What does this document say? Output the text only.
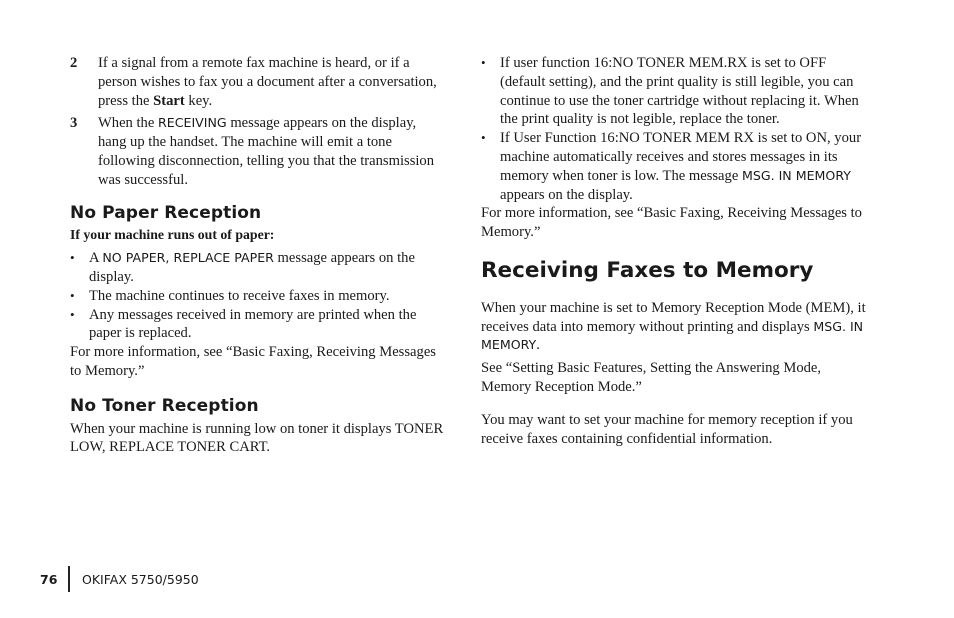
2	If a signal from a remote fax machine is heard, or if a person wishes to fax you a document after a conversation, press the Start key.
3	When the RECEIVING message appears on the display, hang up the handset. The machine will emit a tone following disconnection, telling you that the transmission was successful.
No Paper Reception

If your machine runs out of paper:

• A NO PAPER, REPLACE PAPER message appears on the display.
• The machine continues to receive faxes in memory.
• Any messages received in memory are printed when the paper is replaced.

For more information, see “Basic Faxing, Receiving Messages to Memory.”

No Toner Reception

When your machine is running low on toner it displays TONER LOW, REPLACE TONER CART.

• If user function 16:NO TONER MEM.RX is set to OFF (default setting), and the print quality is still legible, you can continue to use the toner cartridge without replacing it. When the print quality is not legible, replace the toner.
• If User Function 16:NO TONER MEM RX is set to ON, your machine automatically receives and stores messages in its memory when toner is low. The message MSG. IN MEMORY appears on the display.

For more information, see “Basic Faxing, Receiving Messages to Memory.”

Receiving Faxes to Memory

When your machine is set to Memory Reception Mode (MEM), it receives data into memory without printing and displays MSG. IN MEMORY.

See “Setting Basic Features, Setting the Answering Mode, Memory Reception Mode.”

You may want to set your machine for memory reception if you receive faxes containing confidential information.

76	OKIFAX 5750/5950
